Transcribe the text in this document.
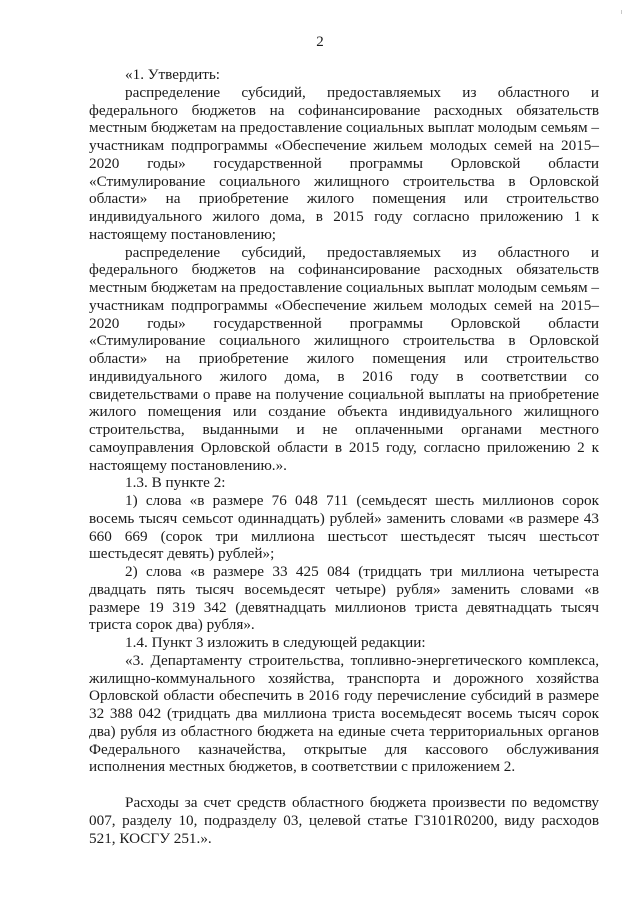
2

«1. Утвердить:

распределение субсидий, предоставляемых из областного и федерального бюджетов на софинансирование расходных обязательств местным бюджетам на предоставление социальных выплат молодым семьям – участникам подпрограммы «Обеспечение жильем молодых семей на 2015–2020 годы» государственной программы Орловской области «Стимулирование социального жилищного строительства в Орловской области» на приобретение жилого помещения или строительство индивидуального жилого дома, в 2015 году согласно приложению 1 к настоящему постановлению;

распределение субсидий, предоставляемых из областного и федерального бюджетов на софинансирование расходных обязательств местным бюджетам на предоставление социальных выплат молодым семьям – участникам подпрограммы «Обеспечение жильем молодых семей на 2015–2020 годы» государственной программы Орловской области «Стимулирование социального жилищного строительства в Орловской области» на приобретение жилого помещения или строительство индивидуального жилого дома, в 2016 году в соответствии со свидетельствами о праве на получение социальной выплаты на приобретение жилого помещения или создание объекта индивидуального жилищного строительства, выданными и не оплаченными органами местного самоуправления Орловской области в 2015 году, согласно приложению 2 к настоящему постановлению.».

1.3. В пункте 2:

1) слова «в размере 76 048 711 (семьдесят шесть миллионов сорок восемь тысяч семьсот одиннадцать) рублей» заменить словами «в размере 43 660 669 (сорок три миллиона шестьсот шестьдесят тысяч шестьсот шестьдесят девять) рублей»;

2) слова «в размере 33 425 084 (тридцать три миллиона четыреста двадцать пять тысяч восемьдесят четыре) рубля» заменить словами «в размере 19 319 342 (девятнадцать миллионов триста девятнадцать тысяч триста сорок два) рубля».

1.4. Пункт 3 изложить в следующей редакции:

«3. Департаменту строительства, топливно-энергетического комплекса, жилищно-коммунального хозяйства, транспорта и дорожного хозяйства Орловской области обеспечить в 2016 году перечисление субсидий в размере 32 388 042 (тридцать два миллиона триста восемьдесят восемь тысяч сорок два) рубля из областного бюджета на единые счета территориальных органов Федерального казначейства, открытые для кассового обслуживания исполнения местных бюджетов, в соответствии с приложением 2.

Расходы за счет средств областного бюджета произвести по ведомству 007, разделу 10, подразделу 03, целевой статье Г3101R0200, виду расходов 521, КОСГУ 251.».
